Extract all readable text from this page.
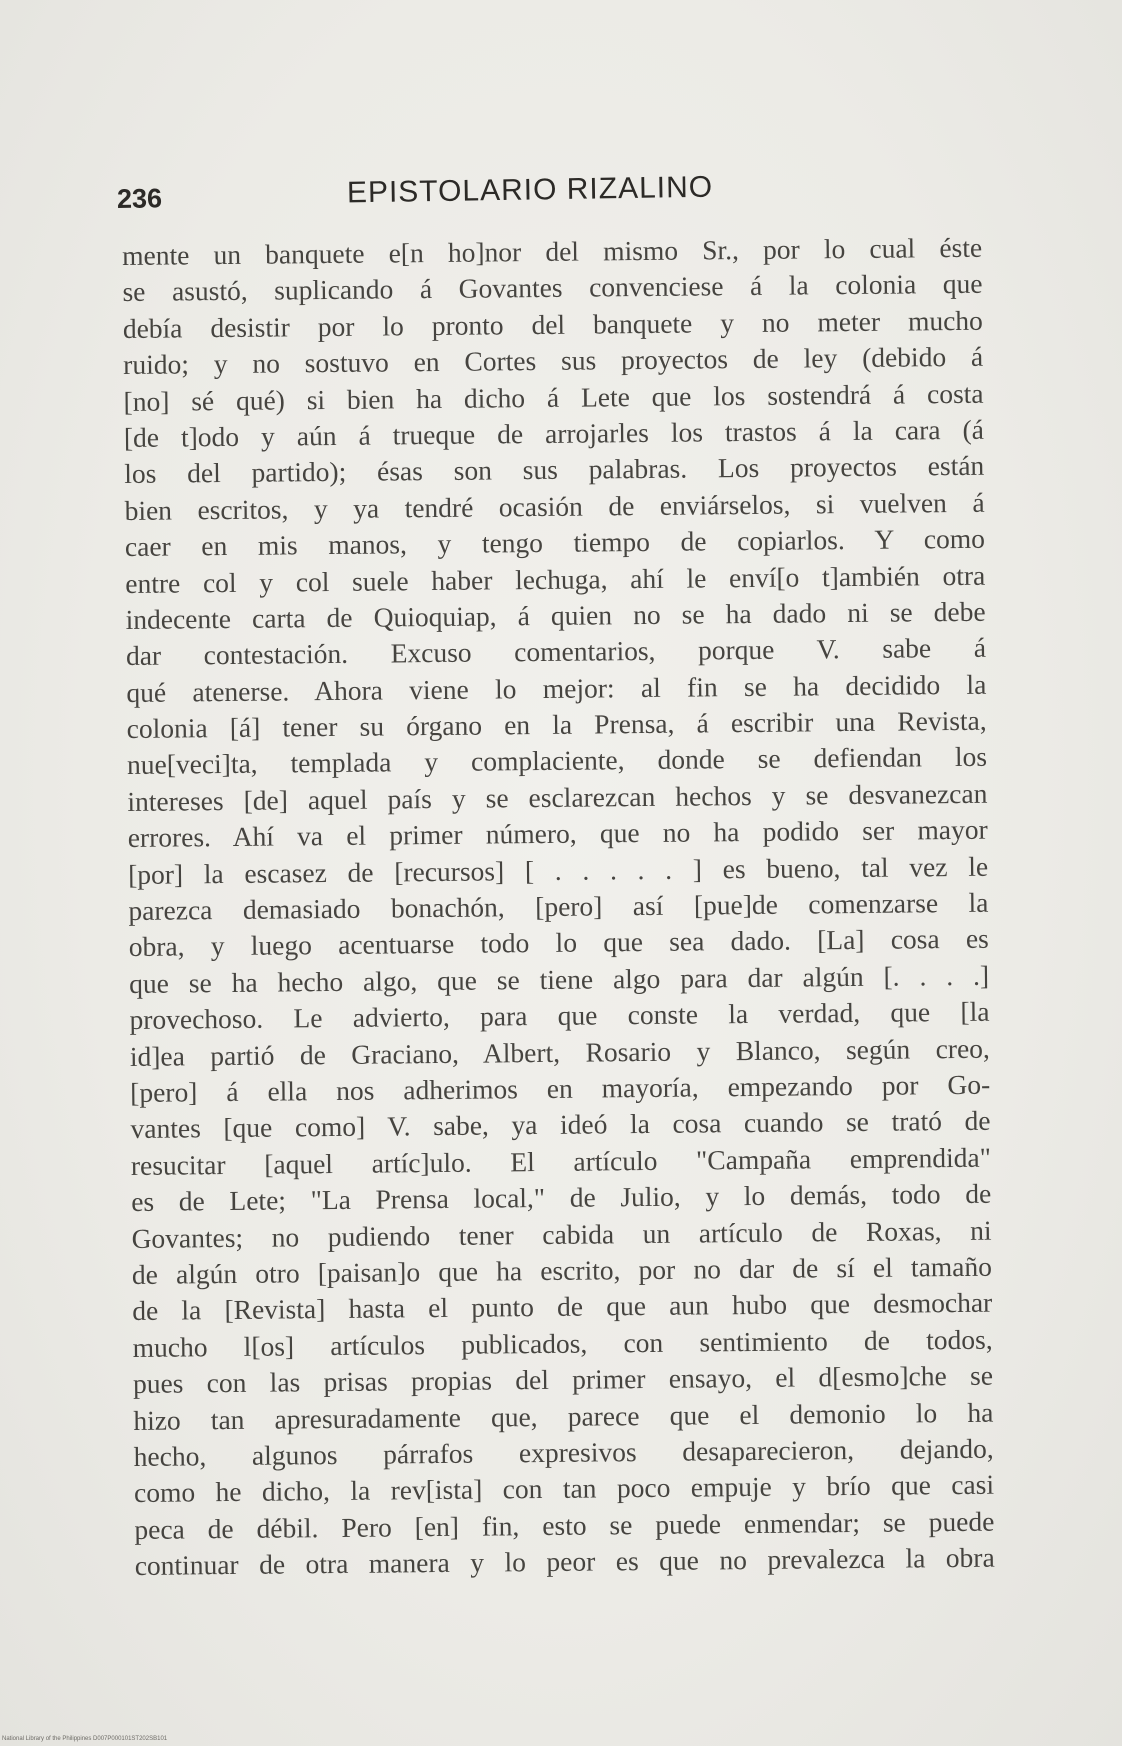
236	EPISTOLARIO RIZALINO
mente un banquete e[n ho]nor del mismo Sr., por lo cual éste
se asustó, suplicando á Govantes convenciese á la colonia que
debía desistir por lo pronto del banquete y no meter mucho
ruido; y no sostuvo en Cortes sus proyectos de ley (debido á
[no] sé qué) si bien ha dicho á Lete que los sostendrá á costa
[de t]odo y aún á trueque de arrojarles los trastos á la cara (á
los del partido); ésas son sus palabras. Los proyectos están
bien escritos, y ya tendré ocasión de enviárselos, si vuelven á
caer en mis manos, y tengo tiempo de copiarlos. Y como
entre col y col suele haber lechuga, ahí le enví[o t]ambién otra
indecente carta de Quioquiap, á quien no se ha dado ni se debe
dar contestación. Excuso comentarios, porque V. sabe á
qué atenerse. Ahora viene lo mejor: al fin se ha decidido la
colonia [á] tener su órgano en la Prensa, á escribir una Revista,
nue[veci]ta, templada y complaciente, donde se defiendan los
intereses [de] aquel país y se esclarezcan hechos y se desvanezcan
errores. Ahí va el primer número, que no ha podido ser mayor
[por] la escasez de [recursos] [ . . . . . ] es bueno, tal vez le
parezca demasiado bonachón, [pero] así [pue]de comenzarse la
obra, y luego acentuarse todo lo que sea dado. [La] cosa es
que se ha hecho algo, que se tiene algo para dar algún [. . . .]
provechoso. Le advierto, para que conste la verdad, que [la
id]ea partió de Graciano, Albert, Rosario y Blanco, según creo,
[pero] á ella nos adherimos en mayoría, empezando por Go-
vantes [que como] V. sabe, ya ideó la cosa cuando se trató de
resucitar [aquel artíc]ulo. El artículo "Campaña emprendida"
es de Lete; "La Prensa local," de Julio, y lo demás, todo de
Govantes; no pudiendo tener cabida un artículo de Roxas, ni
de algún otro [paisan]o que ha escrito, por no dar de sí el tamaño
de la [Revista] hasta el punto de que aun hubo que desmochar
mucho l[os] artículos publicados, con sentimiento de todos,
pues con las prisas propias del primer ensayo, el d[esmo]che se
hizo tan apresuradamente que, parece que el demonio lo ha
hecho, algunos párrafos expresivos desaparecieron, dejando,
como he dicho, la rev[ista] con tan poco empuje y brío que casi
peca de débil. Pero [en] fin, esto se puede enmendar; se puede
continuar de otra manera y lo peor es que no prevalezca la obra
National Library of the Philippines D007P000101ST202SB101
